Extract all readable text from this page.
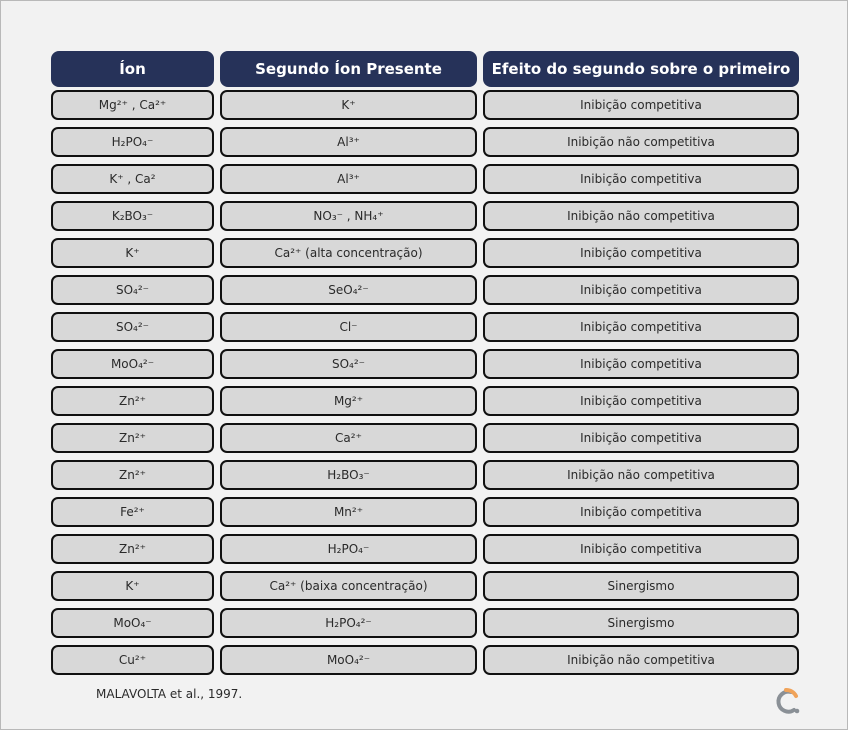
Íon	Segundo Íon Presente	Efeito do segundo sobre o primeiro
Mg²⁺ , Ca²⁺	K⁺	Inibição competitiva
H₂PO₄⁻	Al³⁺	Inibição não competitiva
K⁺ , Ca²	Al³⁺	Inibição competitiva
K₂BO₃⁻	NO₃⁻ , NH₄⁺	Inibição não competitiva
K⁺	Ca²⁺ (alta concentração)	Inibição competitiva
SO₄²⁻	SeO₄²⁻	Inibição competitiva
SO₄²⁻	Cl⁻	Inibição competitiva
MoO₄²⁻	SO₄²⁻	Inibição competitiva
Zn²⁺	Mg²⁺	Inibição competitiva
Zn²⁺	Ca²⁺	Inibição competitiva
Zn²⁺	H₂BO₃⁻	Inibição não competitiva
Fe²⁺	Mn²⁺	Inibição competitiva
Zn²⁺	H₂PO₄⁻	Inibição competitiva
K⁺	Ca²⁺ (baixa concentração)	Sinergismo
MoO₄⁻	H₂PO₄²⁻	Sinergismo
Cu²⁺	MoO₄²⁻	Inibição não competitiva
MALAVOLTA et al., 1997.
